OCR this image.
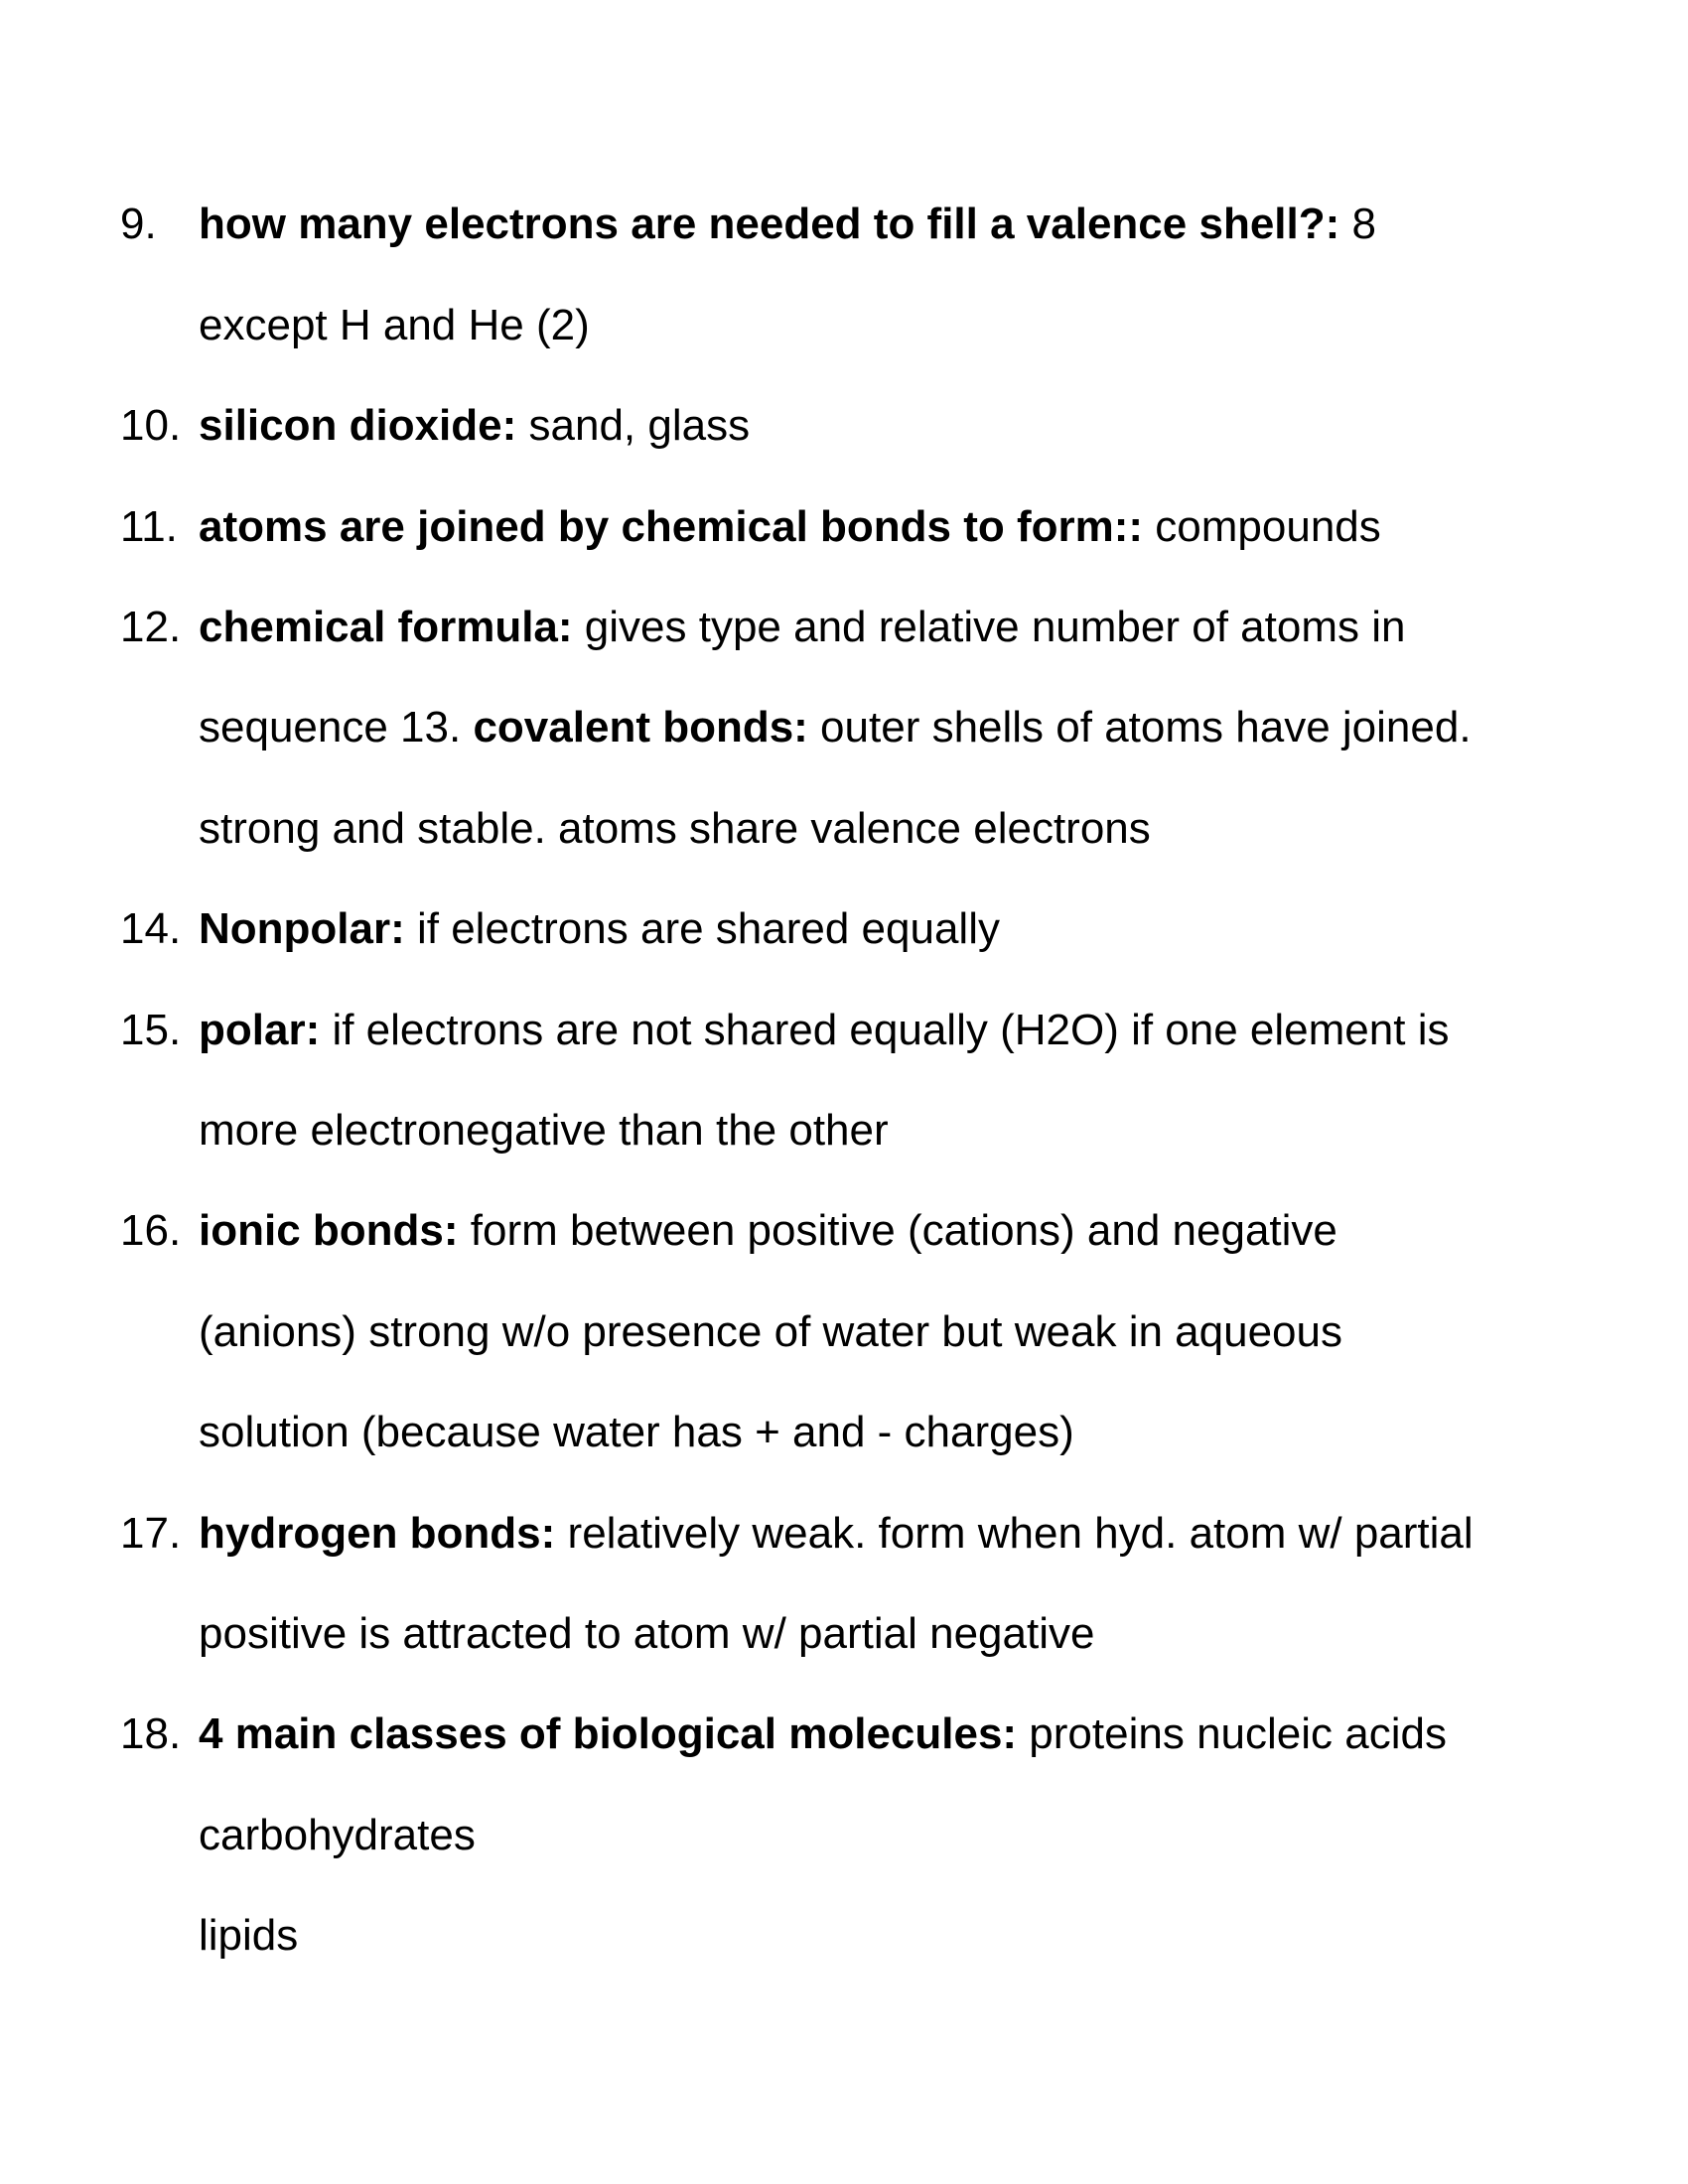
9. how many electrons are needed to fill a valence shell?: 8
except H and He (2)
10. silicon dioxide: sand, glass
11. atoms are joined by chemical bonds to form:: compounds
12. chemical formula: gives type and relative number of atoms in
sequence 13. covalent bonds: outer shells of atoms have joined.
strong and stable. atoms share valence electrons
14. Nonpolar: if electrons are shared equally
15. polar: if electrons are not shared equally (H2O) if one element is
more electronegative than the other
16. ionic bonds: form between positive (cations) and negative
(anions) strong w/o presence of water but weak in aqueous
solution (because water has + and - charges)
17. hydrogen bonds: relatively weak. form when hyd. atom w/ partial
positive is attracted to atom w/ partial negative
18. 4 main classes of biological molecules: proteins nucleic acids
carbohydrates
lipids
